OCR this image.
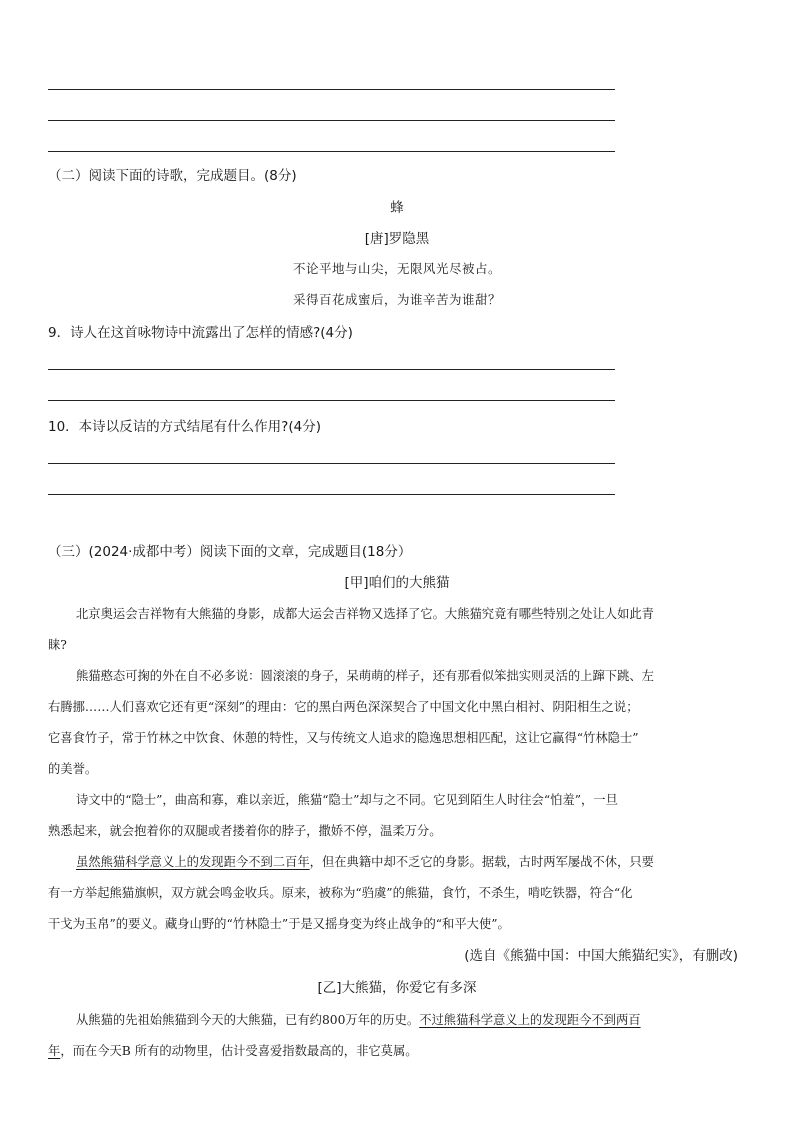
（二）阅读下面的诗歌，完成题目。(8分)
蜂
[唐]罗隐黑
不论平地与山尖，无限风光尽被占。
采得百花成蜜后，为谁辛苦为谁甜？
9．诗人在这首咏物诗中流露出了怎样的情感?(4分)
10．本诗以反诘的方式结尾有什么作用?(4分)
（三）(2024·成都中考）阅读下面的文章，完成题目(18分）
[甲]咱们的大熊猫
北京奥运会吉祥物有大熊猫的身影，成都大运会吉祥物又选择了它。大熊猫究竟有哪些特别之处让人如此青
睐?
熊猫憨态可掬的外在自不必多说：圆滚滚的身子，呆萌萌的样子，还有那看似笨拙实则灵活的上蹿下跳、左
右腾挪……人们喜欢它还有更“深刻”的理由：它的黑白两色深深契合了中国文化中黑白相衬、阴阳相生之说；
它喜食竹子，常于竹林之中饮食、休憩的特性，又与传统文人追求的隐逸思想相匹配，这让它赢得“竹林隐士”
的美誉。
诗文中的“隐士”，曲高和寡，难以亲近，熊猫“隐士”却与之不同。它见到陌生人时往会“怕羞”，一旦
熟悉起来，就会抱着你的双腿或者搂着你的脖子，撒娇不停，温柔万分。
虽然熊猫科学意义上的发现距今不到二百年，但在典籍中却不乏它的身影。据载，古时两军屡战不休，只要
有一方举起熊猫旗帜，双方就会鸣金收兵。原来，被称为“驺虞”的熊猫，食竹，不杀生，啃吃铁器，符合“化
干戈为玉帛”的要义。藏身山野的“竹林隐士”于是又摇身变为终止战争的“和平大使”。
(选自《熊猫中国：中国大熊猫纪实》，有删改)
[乙]大熊猫，你爱它有多深
从熊猫的先祖始熊猫到今天的大熊猫，已有约800万年的历史。不过熊猫科学意义上的发现距今不到两百
年，而在今天B 所有的动物里，估计受喜爱指数最高的，非它莫属。
